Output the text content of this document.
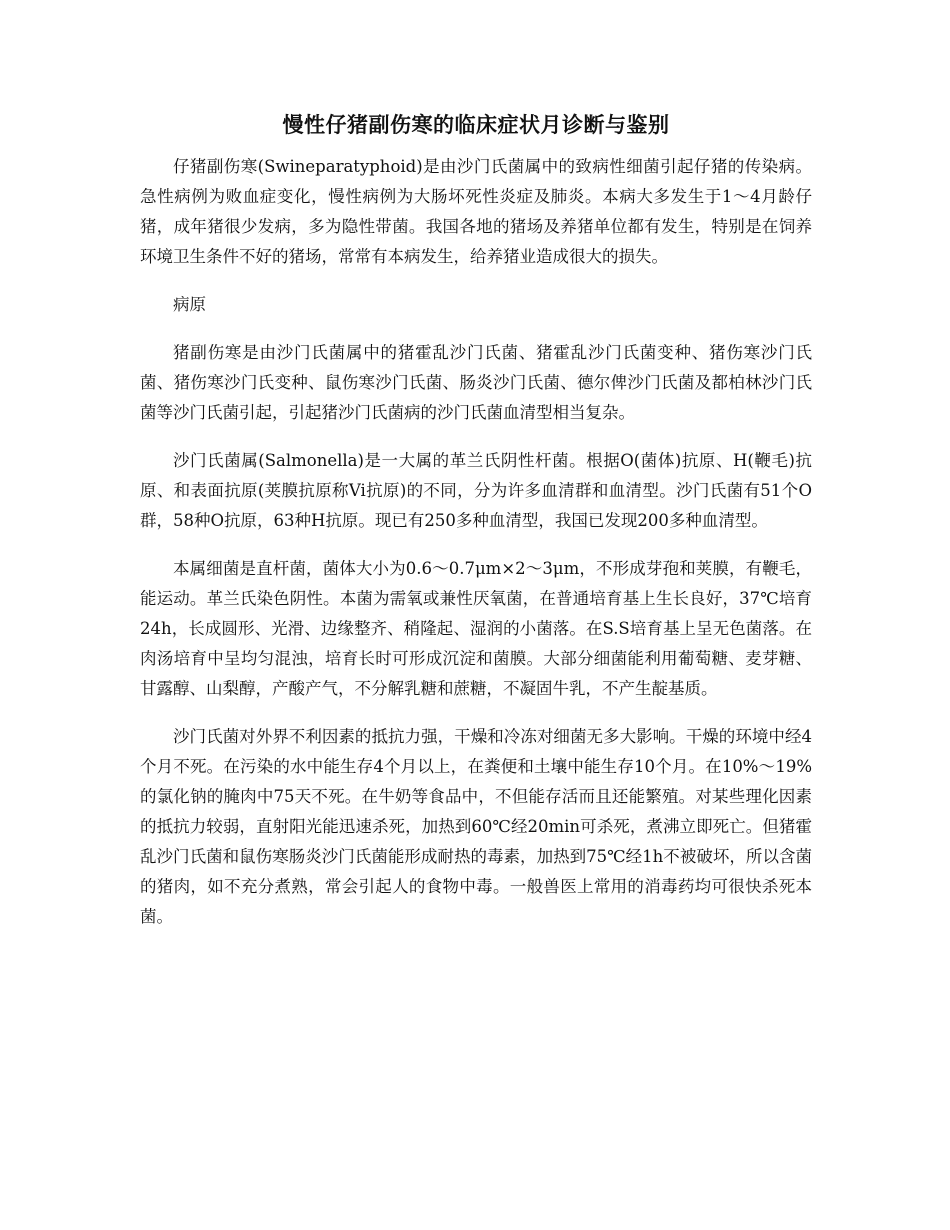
慢性仔猪副伤寒的临床症状月诊断与鉴别

仔猪副伤寒(Swineparatyphoid)是由沙门氏菌属中的致病性细菌引起仔猪的传染病。急性病例为败血症变化，慢性病例为大肠坏死性炎症及肺炎。本病大多发生于1～4月龄仔猪，成年猪很少发病，多为隐性带菌。我国各地的猪场及养猪单位都有发生，特别是在饲养环境卫生条件不好的猪场，常常有本病发生，给养猪业造成很大的损失。

病原

猪副伤寒是由沙门氏菌属中的猪霍乱沙门氏菌、猪霍乱沙门氏菌变种、猪伤寒沙门氏菌、猪伤寒沙门氏变种、鼠伤寒沙门氏菌、肠炎沙门氏菌、德尔俾沙门氏菌及都柏林沙门氏菌等沙门氏菌引起，引起猪沙门氏菌病的沙门氏菌血清型相当复杂。

沙门氏菌属(Salmonella)是一大属的革兰氏阴性杆菌。根据O(菌体)抗原、H(鞭毛)抗原、和表面抗原(荚膜抗原称Vi抗原)的不同，分为许多血清群和血清型。沙门氏菌有51个O群，58种O抗原，63种H抗原。现已有250多种血清型，我国已发现200多种血清型。

本属细菌是直杆菌，菌体大小为0.6～0.7μm×2～3μm，不形成芽孢和荚膜，有鞭毛，能运动。革兰氏染色阴性。本菌为需氧或兼性厌氧菌，在普通培育基上生长良好，37℃培育24h，长成圆形、光滑、边缘整齐、稍隆起、湿润的小菌落。在S.S培育基上呈无色菌落。在肉汤培育中呈均匀混浊，培育长时可形成沉淀和菌膜。大部分细菌能利用葡萄糖、麦芽糖、甘露醇、山梨醇，产酸产气，不分解乳糖和蔗糖，不凝固牛乳，不产生靛基质。

沙门氏菌对外界不利因素的抵抗力强，干燥和冷冻对细菌无多大影响。干燥的环境中经4个月不死。在污染的水中能生存4个月以上，在粪便和土壤中能生存10个月。在10%～19%的氯化钠的腌肉中75天不死。在牛奶等食品中，不但能存活而且还能繁殖。对某些理化因素的抵抗力较弱，直射阳光能迅速杀死，加热到60℃经20min可杀死，煮沸立即死亡。但猪霍乱沙门氏菌和鼠伤寒肠炎沙门氏菌能形成耐热的毒素，加热到75℃经1h不被破坏，所以含菌的猪肉，如不充分煮熟，常会引起人的食物中毒。一般兽医上常用的消毒药均可很快杀死本菌。
